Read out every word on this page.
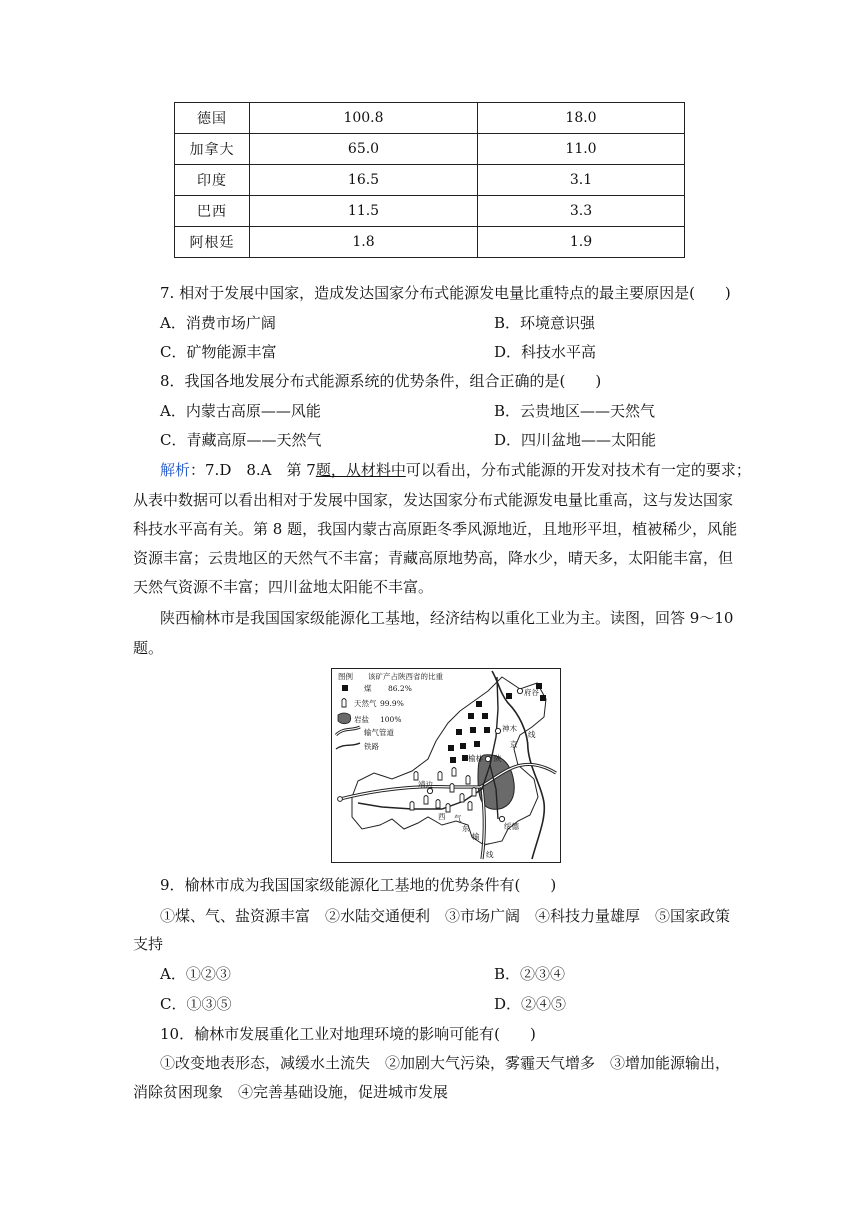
德国	100.8	18.0
加拿大	65.0	11.0
印度	16.5	3.1
巴西	11.5	3.3
阿根廷	1.8	1.9
7. 相对于发展中国家，造成发达国家分布式能源发电量比重特点的最主要原因是(　　)
A．消费市场广阔	B．环境意识强
C．矿物能源丰富	D．科技水平高
8．我国各地发展分布式能源系统的优势条件，组合正确的是(　　)
A．内蒙古高原——风能	B．云贵地区——天然气
C．青藏高原——天然气	D．四川盆地——太阳能
解析：7.D　8.A　第 7题，从材料中可以看出，分布式能源的开发对技术有一定的要求；
从表中数据可以看出相对于发展中国家，发达国家分布式能源发电量比重高，这与发达国家
科技水平高有关。第 8 题，我国内蒙古高原距冬季风源地近，且地形平坦，植被稀少，风能
资源丰富；云贵地区的天然气不丰富；青藏高原地势高，降水少，晴天多，太阳能丰富，但
天然气资源不丰富；四川盆地太阳能不丰富。
陕西榆林市是我国国家级能源化工基地，经济结构以重化工业为主。读图，回答 9～10
题。
图例　　该矿产占陕西省的比重
煤 86.2%
天然气 99.9%
岩盐 100%
输气管道
铁路
府谷
神木
榆林 陕
京
线
靖边
绥德
西 气
东
输
一
线
9．榆林市成为我国国家级能源化工基地的优势条件有(　　)
①煤、气、盐资源丰富　②水陆交通便利　③市场广阔　④科技力量雄厚　⑤国家政策
支持
A．①②③	B．②③④
C．①③⑤	D．②④⑤
10．榆林市发展重化工业对地理环境的影响可能有(　　)
①改变地表形态，减缓水土流失　②加剧大气污染，雾霾天气增多　③增加能源输出，
消除贫困现象　④完善基础设施，促进城市发展
